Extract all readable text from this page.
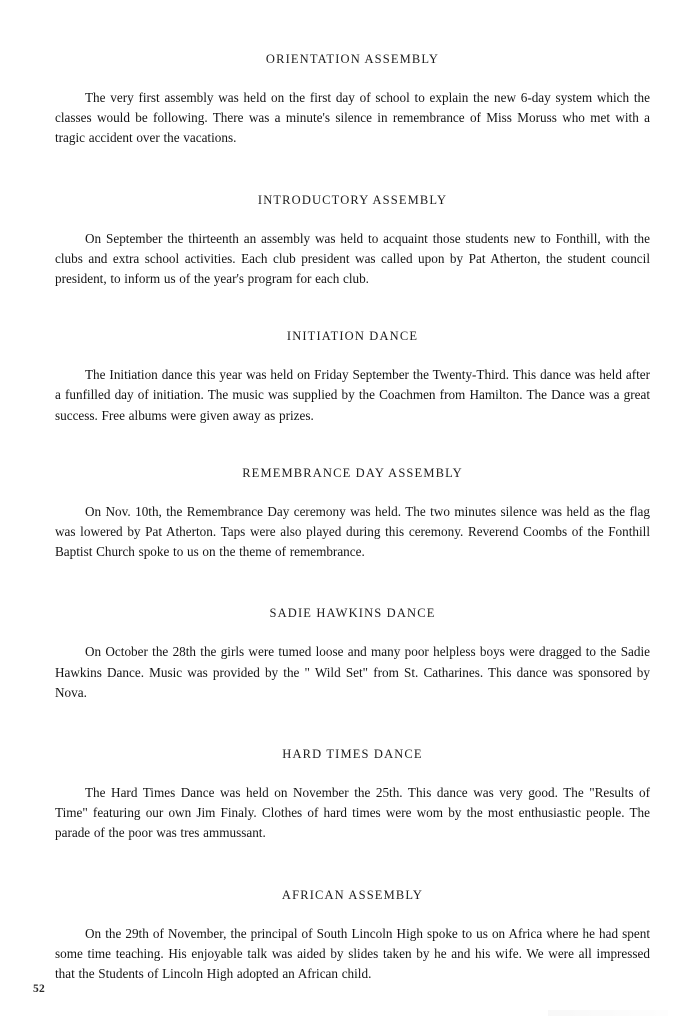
ORIENTATION ASSEMBLY
The very first assembly was held on the first day of school to explain the new 6-day system which the classes would be following. There was a minute's silence in remembrance of Miss Moruss who met with a tragic accident over the vacations.
INTRODUCTORY ASSEMBLY
On September the thirteenth an assembly was held to acquaint those students new to Fonthill, with the clubs and extra school activities. Each club president was called upon by Pat Atherton, the student council president, to inform us of the year's program for each club.
INITIATION DANCE
The Initiation dance this year was held on Friday September the Twenty-Third. This dance was held after a funfilled day of initiation. The music was supplied by the Coachmen from Hamilton. The Dance was a great success. Free albums were given away as prizes.
REMEMBRANCE DAY ASSEMBLY
On Nov. 10th, the Remembrance Day ceremony was held. The two minutes silence was held as the flag was lowered by Pat Atherton. Taps were also played during this ceremony. Reverend Coombs of the Fonthill Baptist Church spoke to us on the theme of remembrance.
SADIE HAWKINS DANCE
On October the 28th the girls were tumed loose and many poor helpless boys were dragged to the Sadie Hawkins Dance. Music was provided by the " Wild Set" from St. Catharines. This dance was sponsored by Nova.
HARD TIMES DANCE
The Hard Times Dance was held on November the 25th. This dance was very good. The "Results of Time" featuring our own Jim Finaly. Clothes of hard times were wom by the most enthusiastic people. The parade of the poor was tres ammussant.
AFRICAN ASSEMBLY
On the 29th of November, the principal of South Lincoln High spoke to us on Africa where he had spent some time teaching. His enjoyable talk was aided by slides taken by he and his wife. We were all impressed that the Students of Lincoln High adopted an African child.
52
